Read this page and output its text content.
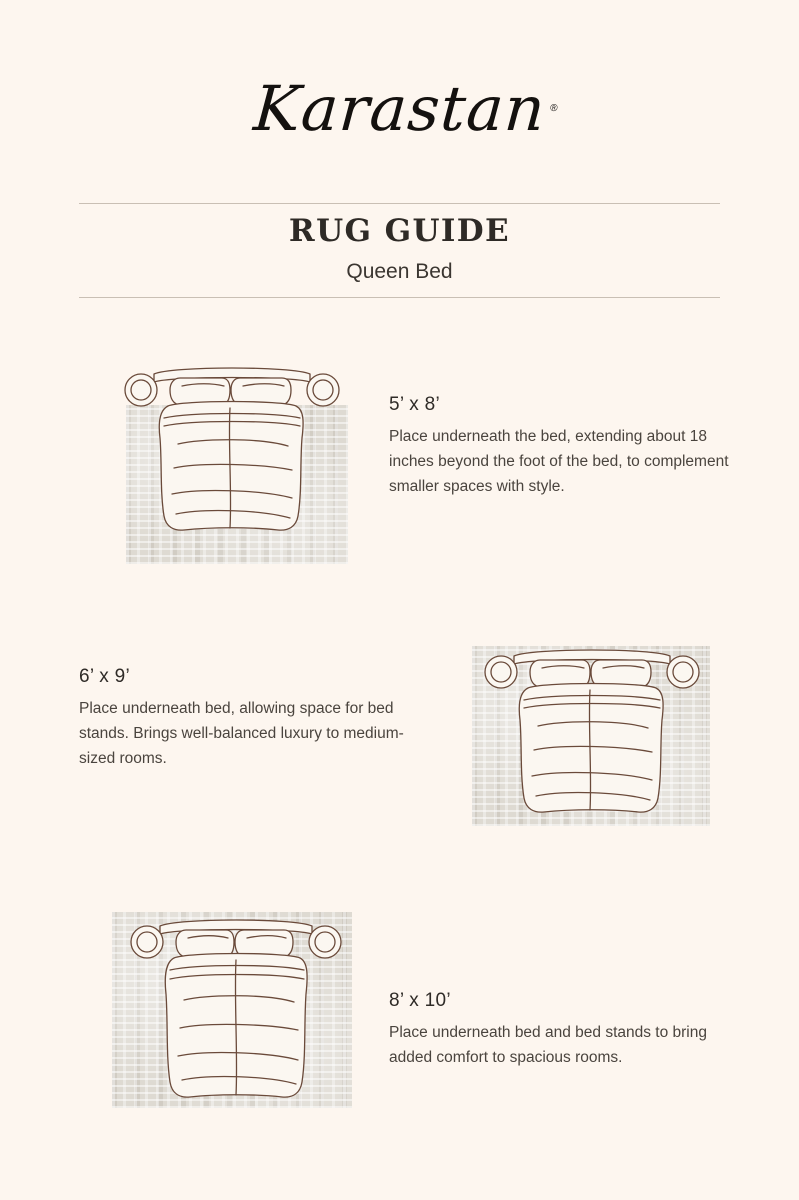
Karastan ®
RUG GUIDE
Queen Bed

5’ x 8’

Place underneath the bed, extending about 18 inches beyond the foot of the bed, to complement smaller spaces with style.

6’ x 9’

Place underneath bed, allowing space for bed stands. Brings well-balanced luxury to medium-sized rooms.

8’ x 10’

Place underneath bed and bed stands to bring added comfort to spacious rooms.
